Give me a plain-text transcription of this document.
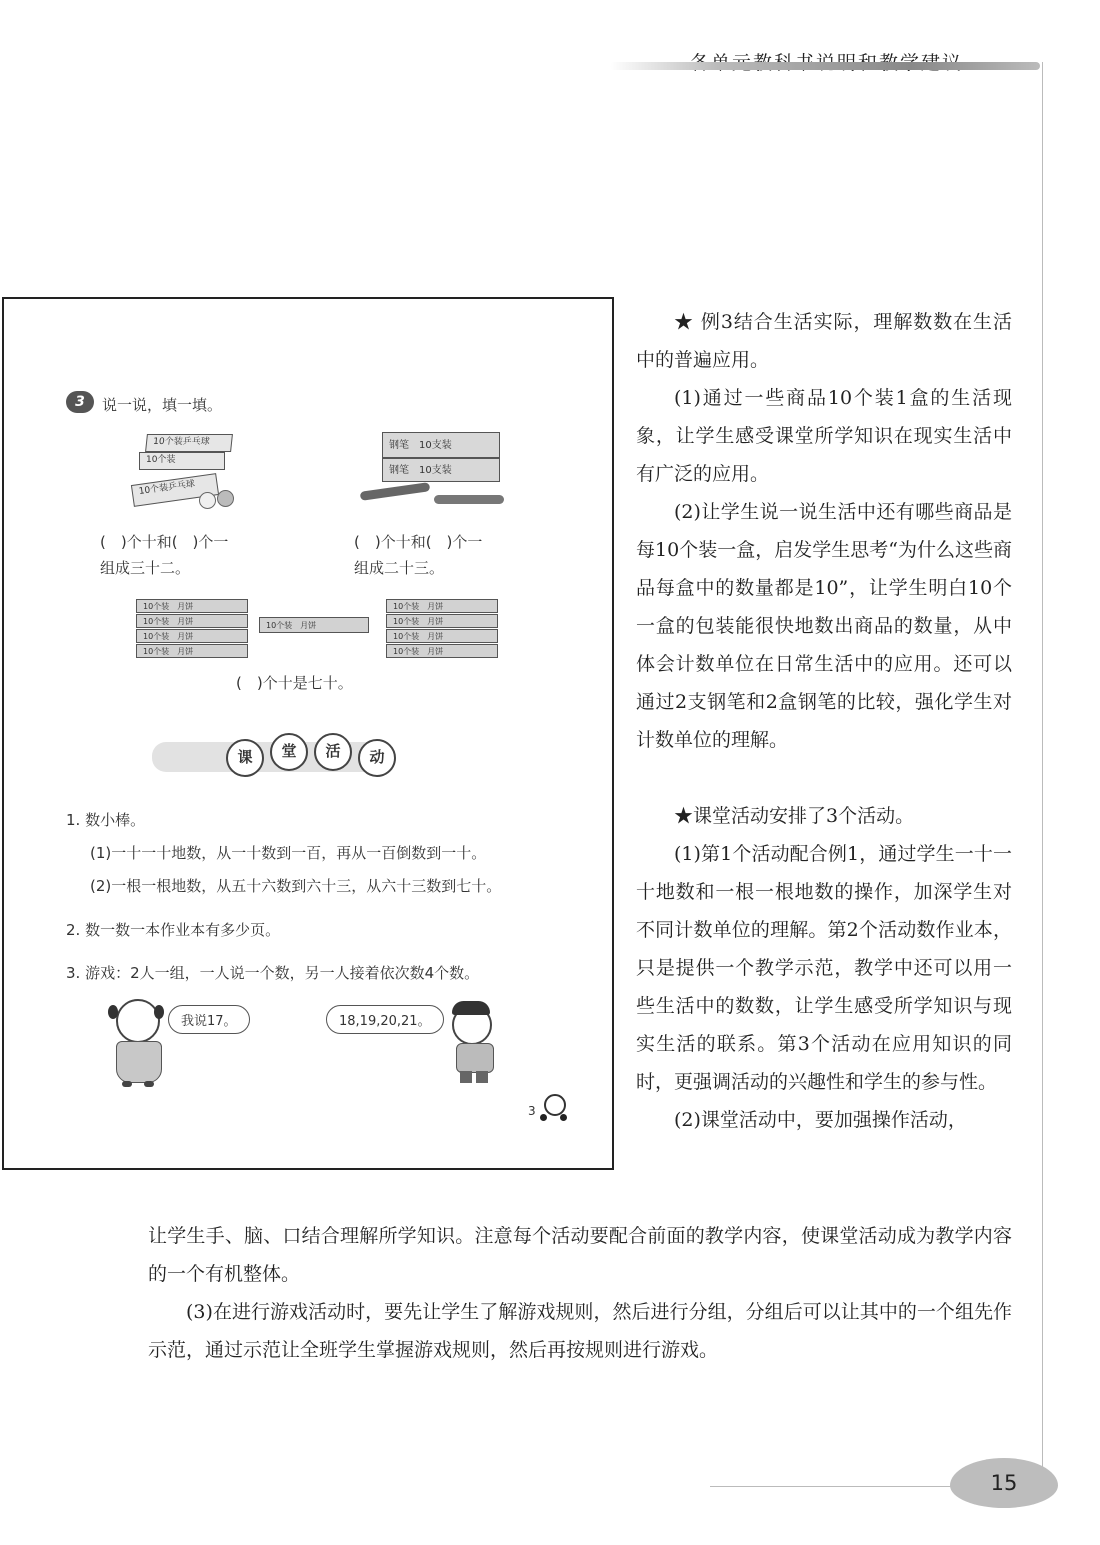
3	说一说，填一填。
10个装乒乓球
10个装
10个装乒乓球
钢笔　10支装
钢笔　10支装
(　)个十和(　)个一
组成三十二。
(　)个十和(　)个一
组成二十三。
10个装　月饼
10个装　月饼
10个装　月饼
10个装　月饼
10个装　月饼
10个装　月饼
10个装　月饼
10个装　月饼
10个装　月饼
(　)个十是七十。
课	堂	活	动
1. 数小棒。
(1)一十一十地数，从一十数到一百，再从一百倒数到一十。
(2)一根一根地数，从五十六数到六十三，从六十三数到七十。
2. 数一数一本作业本有多少页。
3. 游戏：2人一组，一人说一个数，另一人接着依次数4个数。
我说17。	18,19,20,21。
3

★ 例3结合生活实际，理解数数在生活中的普遍应用。

(1)通过一些商品10个装1盒的生活现象，让学生感受课堂所学知识在现实生活中有广泛的应用。

(2)让学生说一说生活中还有哪些商品是每10个装一盒，启发学生思考“为什么这些商品每盒中的数量都是10”，让学生明白10个一盒的包装能很快地数出商品的数量，从中体会计数单位在日常生活中的应用。还可以通过2支钢笔和2盒钢笔的比较，强化学生对计数单位的理解。

★课堂活动安排了3个活动。

(1)第1个活动配合例1，通过学生一十一十地数和一根一根地数的操作，加深学生对不同计数单位的理解。第2个活动数作业本，只是提供一个教学示范，教学中还可以用一些生活中的数数，让学生感受所学知识与现实生活的联系。第3个活动在应用知识的同时，更强调活动的兴趣性和学生的参与性。

(2)课堂活动中，要加强操作活动，

让学生手、脑、口结合理解所学知识。注意每个活动要配合前面的教学内容，使课堂活动成为教学内容的一个有机整体。

(3)在进行游戏活动时，要先让学生了解游戏规则，然后进行分组，分组后可以让其中的一个组先作示范，通过示范让全班学生掌握游戏规则，然后再按规则进行游戏。

15
